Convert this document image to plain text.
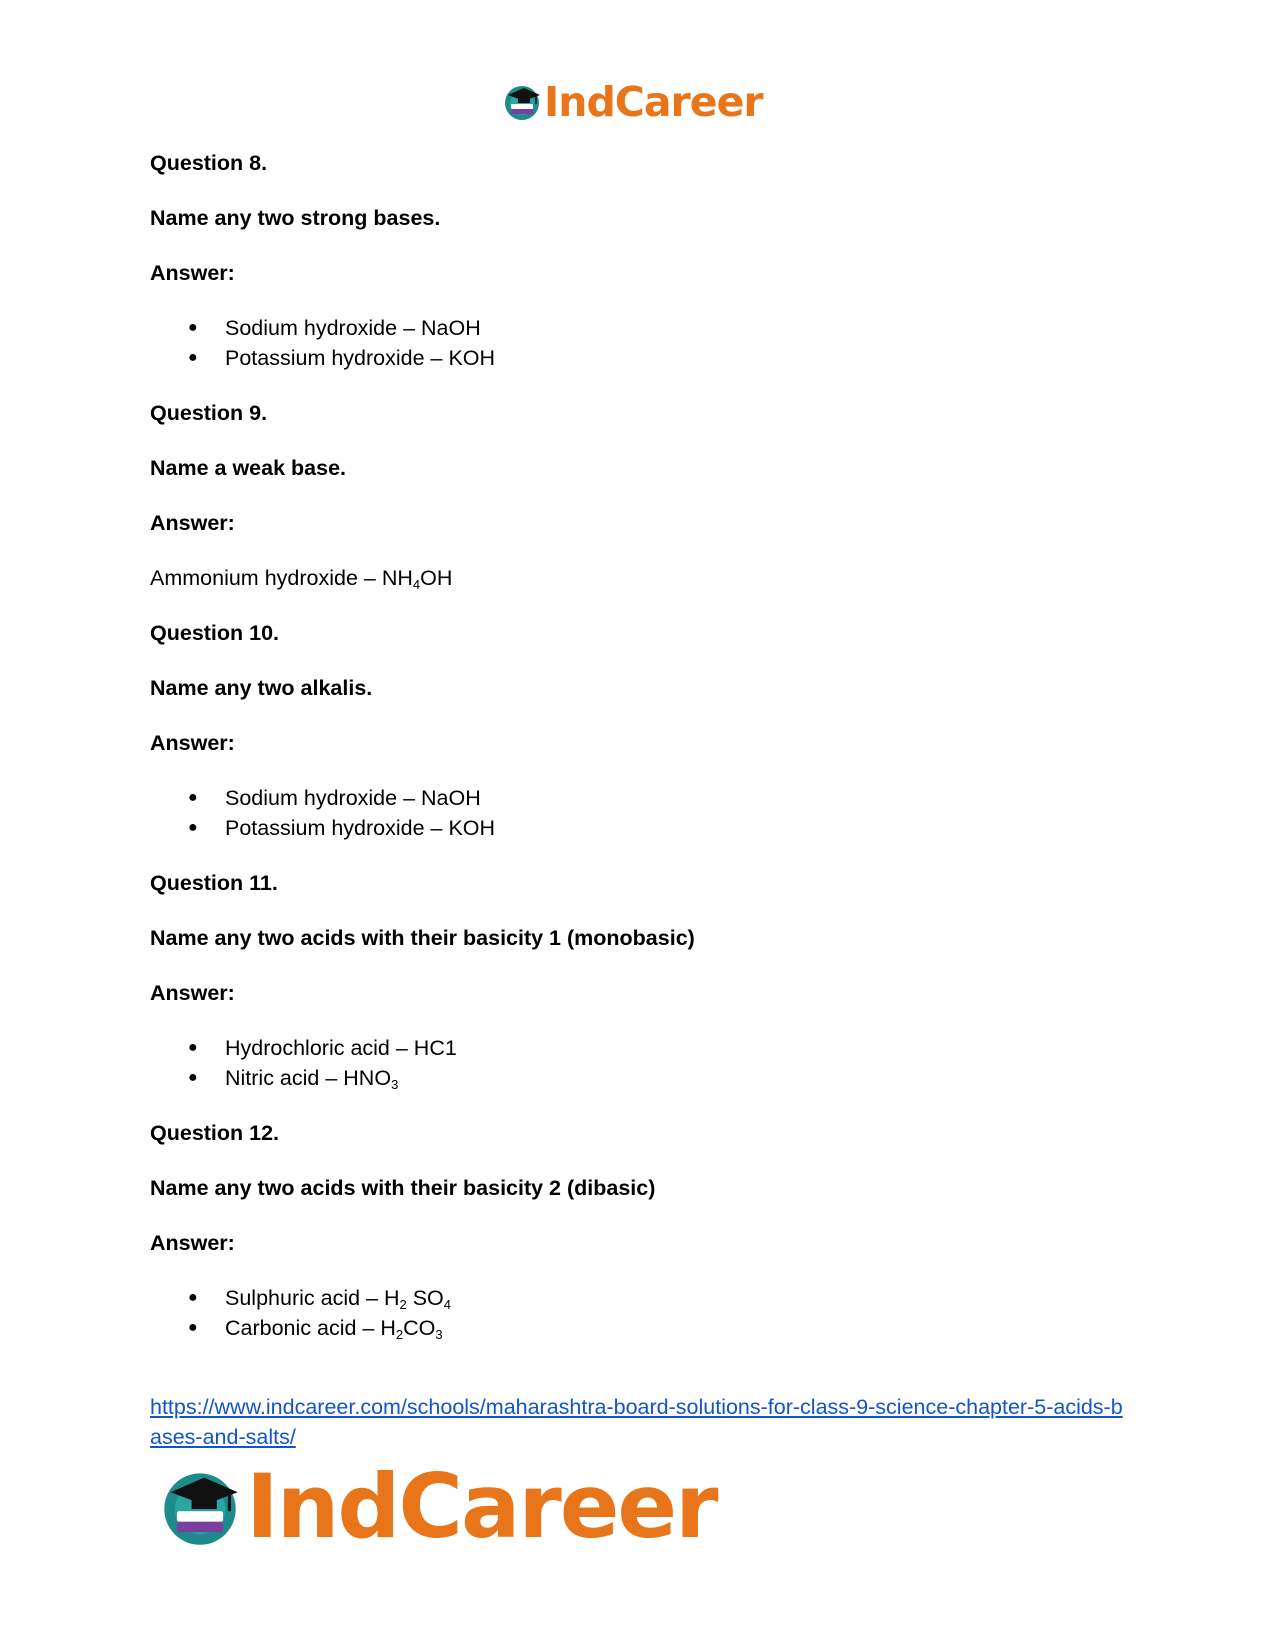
IndCareer

Question 8.

Name any two strong bases.

Answer:

● Sodium hydroxide – NaOH
● Potassium hydroxide – KOH

Question 9.

Name a weak base.

Answer:

Ammonium hydroxide – $NH_4OH$

Question 10.

Name any two alkalis.

Answer:

● Sodium hydroxide – NaOH
● Potassium hydroxide – KOH

Question 11.

Name any two acids with their basicity 1 (monobasic)

Answer:

● Hydrochloric acid – HC1
● Nitric acid – $HNO_3$

Question 12.

Name any two acids with their basicity 2 (dibasic)

Answer:

● Sulphuric acid – $H_2$ $SO_4$
● Carbonic acid – $H_2CO_3$
https://www.indcareer.com/schools/maharashtra-board-solutions-for-class-9-science-chapter-5-acids-bases-and-salts/
IndCareer
